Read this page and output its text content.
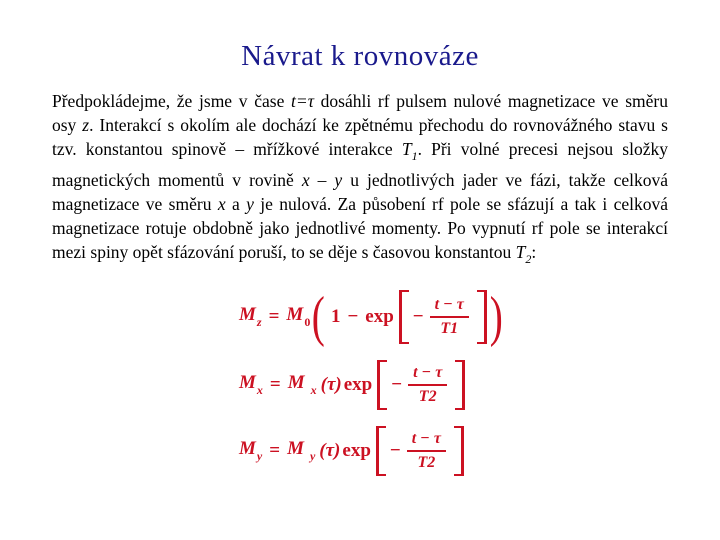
Návrat k rovnováze
Předpokládejme, že jsme v čase t=τ dosáhli rf pulsem nulové magnetizace ve směru osy z. Interakcí s okolím ale dochází ke zpětnému přechodu do rovnovážného stavu s tzv. konstantou spinově – mřížkové interakce $T_1$. Při volné precesi nejsou složky magnetických momentů v rovině x – y u jednotlivých jader ve fázi, takže celková magnetizace ve směru x a y je nulová. Za působení rf pole se sfázují a tak i celková magnetizace rotuje obdobně jako jednotlivé momenty. Po vypnutí rf pole se interakcí mezi spiny opět sfázování poruší, to se děje s časovou konstantou $T_2$:
$M_z = M_0$ ( $1 - \exp - \frac{t - \tau}{T1}$ )
$M_x = M$ $_x$ (τ) $\exp - \frac{t - \tau}{T2}$
$M_y = M$ $_y$ (τ) $\exp - \frac{t - \tau}{T2}$
